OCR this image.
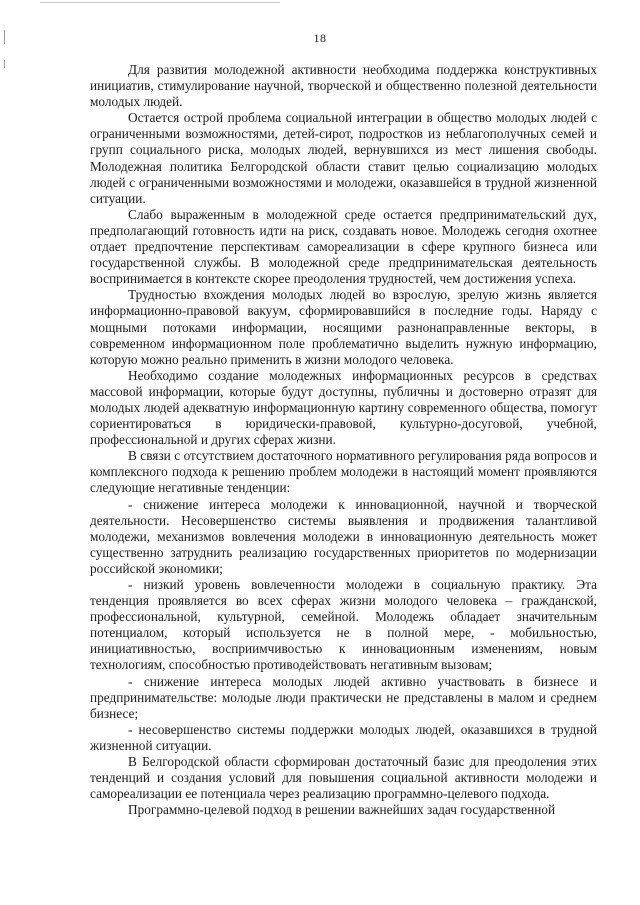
18

Для развития молодежной активности необходима поддержка конструктивных инициатив, стимулирование научной, творческой и общественно полезной деятельности молодых людей.

Остается острой проблема социальной интеграции в общество молодых людей с ограниченными возможностями, детей-сирот, подростков из неблагополучных семей и групп социального риска, молодых людей, вернувшихся из мест лишения свободы. Молодежная политика Белгородской области ставит целью социализацию молодых людей с ограниченными возможностями и молодежи, оказавшейся в трудной жизненной ситуации.

Слабо выраженным в молодежной среде остается предпринимательский дух, предполагающий готовность идти на риск, создавать новое. Молодежь сегодня охотнее отдает предпочтение перспективам самореализации в сфере крупного бизнеса или государственной службы. В молодежной среде предпринимательская деятельность воспринимается в контексте скорее преодоления трудностей, чем достижения успеха.

Трудностью вхождения молодых людей во взрослую, зрелую жизнь является информационно-правовой вакуум, сформировавшийся в последние годы. Наряду с мощными потоками информации, носящими разнонаправленные векторы, в современном информационном поле проблематично выделить нужную информацию, которую можно реально применить в жизни молодого человека.

Необходимо создание молодежных информационных ресурсов в средствах массовой информации, которые будут доступны, публичны и достоверно отразят для молодых людей адекватную информационную картину современного общества, помогут сориентироваться в юридически-правовой, культурно-досуговой, учебной, профессиональной и других сферах жизни.

В связи с отсутствием достаточного нормативного регулирования ряда вопросов и комплексного подхода к решению проблем молодежи в настоящий момент проявляются следующие негативные тенденции:

- снижение интереса молодежи к инновационной, научной и творческой деятельности. Несовершенство системы выявления и продвижения талантливой молодежи, механизмов вовлечения молодежи в инновационную деятельность может существенно затруднить реализацию государственных приоритетов по модернизации российской экономики;

- низкий уровень вовлеченности молодежи в социальную практику. Эта тенденция проявляется во всех сферах жизни молодого человека – гражданской, профессиональной, культурной, семейной. Молодежь обладает значительным потенциалом, который используется не в полной мере, - мобильностью, инициативностью, восприимчивостью к инновационным изменениям, новым технологиям, способностью противодействовать негативным вызовам;

- снижение интереса молодых людей активно участвовать в бизнесе и предпринимательстве: молодые люди практически не представлены в малом и среднем бизнесе;

- несовершенство системы поддержки молодых людей, оказавшихся в трудной жизненной ситуации.

В Белгородской области сформирован достаточный базис для преодоления этих тенденций и создания условий для повышения социальной активности молодежи и самореализации ее потенциала через реализацию программно-целевого подхода.

Программно-целевой подход в решении важнейших задач государственной
